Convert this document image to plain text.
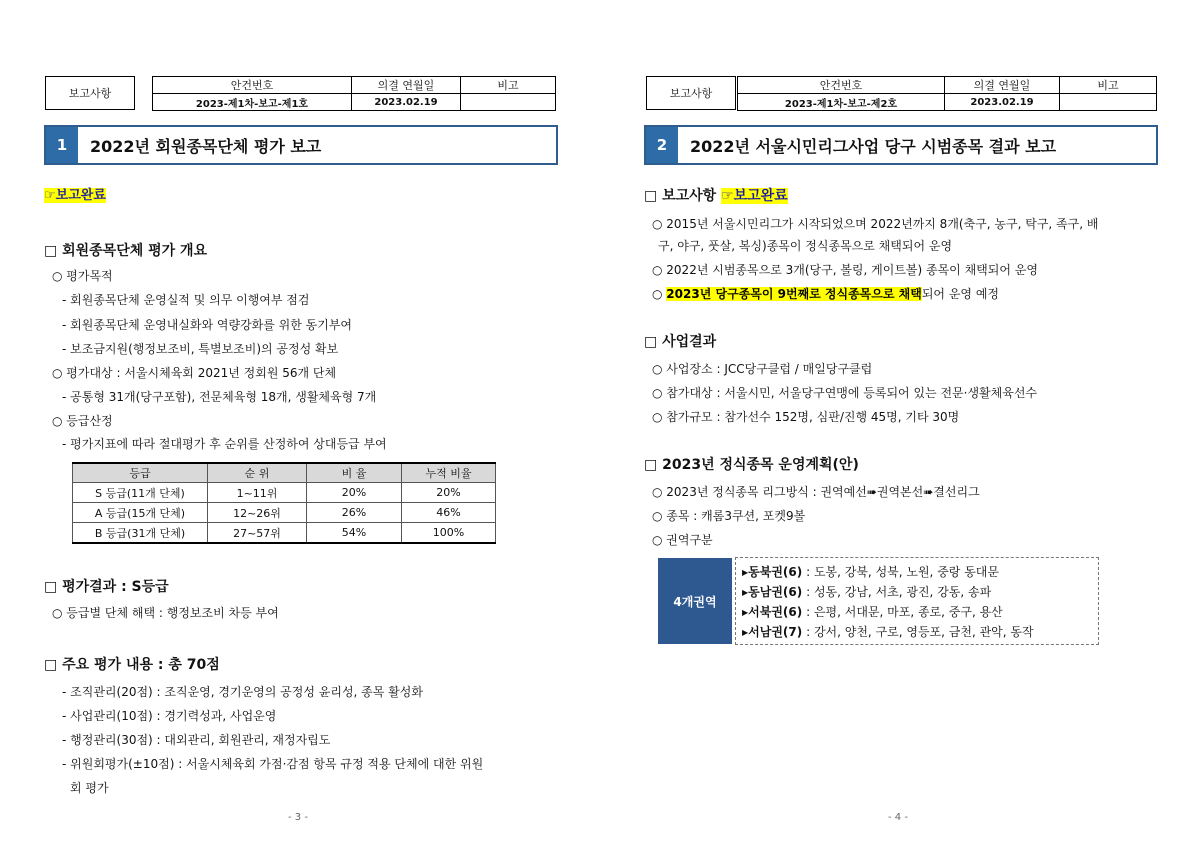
보고사항
안건번호	의결 연월일	비고
2023-제1차-보고-제1호	2023.02.19	
1	2022년 회원종목단체 평가 보고
☞보고완료
□ 회원종목단체 평가 개요
○ 평가목적
- 회원종목단체 운영실적 및 의무 이행여부 점검
- 회원종목단체 운영내실화와 역량강화를 위한 동기부여
- 보조금지원(행정보조비, 특별보조비)의 공정성 확보
○ 평가대상 : 서울시체육회 2021년 정회원 56개 단체
- 공통형 31개(당구포함), 전문체육형 18개, 생활체육형 7개
○ 등급산정
- 평가지표에 따라 절대평가 후 순위를 산정하여 상대등급 부여
등급	순 위	비 율	누적 비율
S 등급(11개 단체)	1~11위	20%	20%
A 등급(15개 단체)	12~26위	26%	46%
B 등급(31개 단체)	27~57위	54%	100%
□ 평가결과 : S등급
○ 등급별 단체 해택 : 행정보조비 차등 부여
□ 주요 평가 내용 : 총 70점
- 조직관리(20점) : 조직운영, 경기운영의 공정성 윤리성, 종목 활성화
- 사업관리(10점) : 경기력성과, 사업운영
- 행정관리(30점) : 대외관리, 회원관리, 재정자립도
- 위원회평가(±10점) : 서울시체육회 가점·감점 항목 규정 적용 단체에 대한 위원
회 평가
- 3 -
보고사항
안건번호	의결 연월일	비고
2023-제1차-보고-제2호	2023.02.19	
2	2022년 서울시민리그사업 당구 시범종목 결과 보고
□ 보고사항 ☞보고완료
○ 2015년 서울시민리그가 시작되었으며 2022년까지 8개(축구, 농구, 탁구, 족구, 배
구, 야구, 풋살, 복싱)종목이 정식종목으로 채택되어 운영
○ 2022년 시범종목으로 3개(당구, 볼링, 게이트볼) 종목이 채택되어 운영
○ 2023년 당구종목이 9번째로 정식종목으로 채택되어 운영 예정
□ 사업결과
○ 사업장소 : JCC당구클럽 / 매일당구클럽
○ 참가대상 : 서울시민, 서울당구연맹에 등록되어 있는 전문·생활체육선수
○ 참가규모 : 참가선수 152명, 심판/진행 45명, 기타 30명
□ 2023년 정식종목 운영계획(안)
○ 2023년 정식종목 리그방식 : 권역예선➠권역본선➠결선리그
○ 종목 : 캐롬3쿠션, 포켓9볼
○ 권역구분
4개권역
▶동북권(6) : 도봉, 강북, 성북, 노원, 중랑 동대문
▶동남권(6) : 성동, 강남, 서초, 광진, 강동, 송파
▶서북권(6) : 은평, 서대문, 마포, 종로, 중구, 용산
▶서남권(7) : 강서, 양천, 구로, 영등포, 금천, 관악, 동작
- 4 -
